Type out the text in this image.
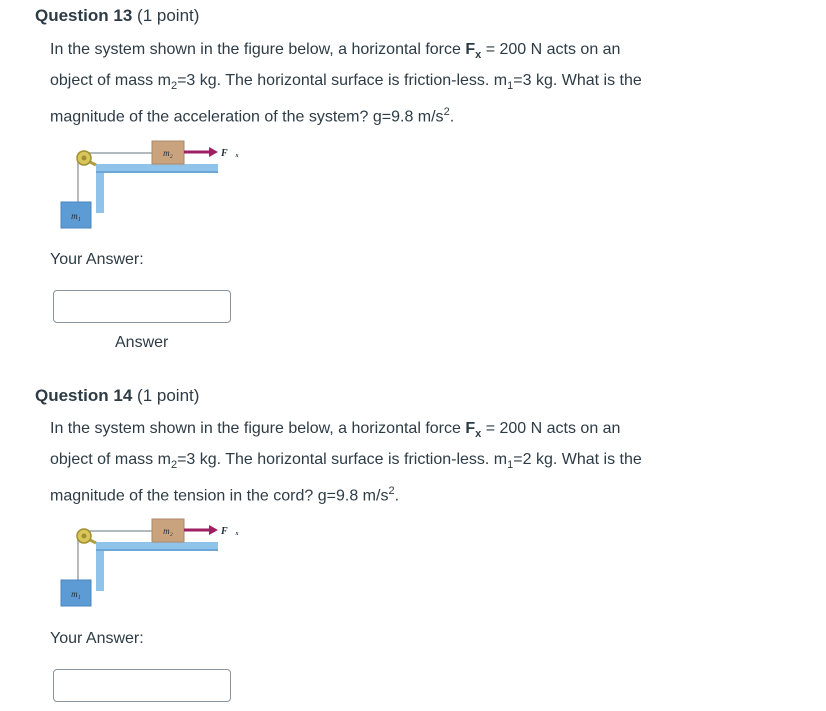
Question 13 (1 point)
In the system shown in the figure below, a horizontal force $F_x = 200$ N acts on an
object of mass $m_2=3$ kg. The horizontal surface is friction-less. $m_1=3$ kg. What is the
magnitude of the acceleration of the system? g=9.8 $m/s^2$.
m₁
m₂	F⃗ₓ
Your Answer:
Answer
Question 14 (1 point)
In the system shown in the figure below, a horizontal force $F_x = 200$ N acts on an
object of mass $m_2=3$ kg. The horizontal surface is friction-less. $m_1=2$ kg. What is the
magnitude of the tension in the cord? g=9.8 $m/s^2$.
m₁
m₂	F⃗ₓ
Your Answer:
